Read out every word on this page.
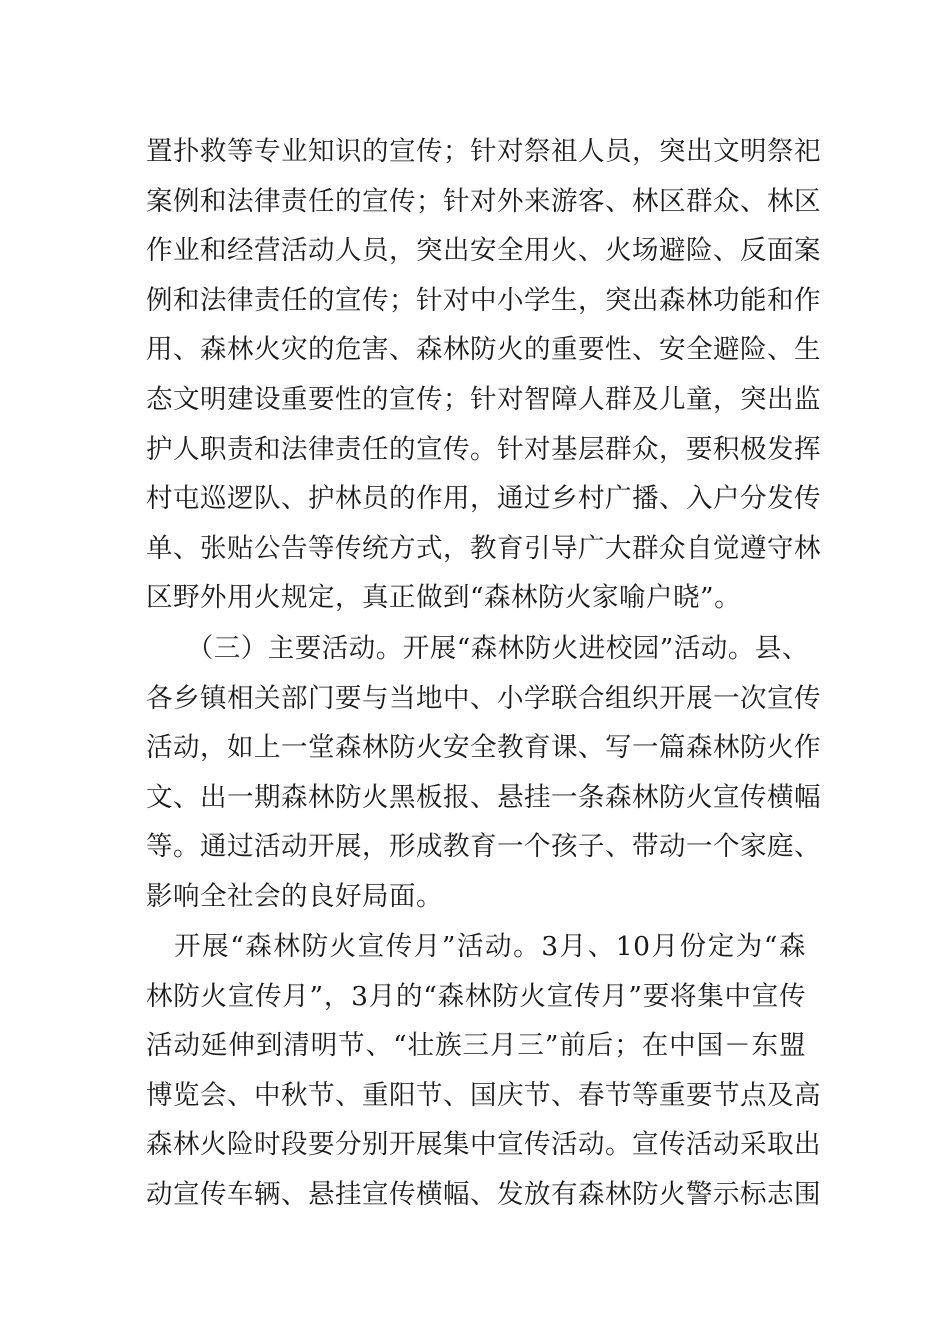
置扑救等专业知识的宣传；针对祭祖人员，突出文明祭祀
案例和法律责任的宣传；针对外来游客、林区群众、林区
作业和经营活动人员，突出安全用火、火场避险、反面案
例和法律责任的宣传；针对中小学生，突出森林功能和作
用、森林火灾的危害、森林防火的重要性、安全避险、生
态文明建设重要性的宣传；针对智障人群及儿童，突出监
护人职责和法律责任的宣传。针对基层群众，要积极发挥
村屯巡逻队、护林员的作用，通过乡村广播、入户分发传
单、张贴公告等传统方式，教育引导广大群众自觉遵守林
区野外用火规定，真正做到“森林防火家喻户晓”。
　　（三）主要活动。开展“森林防火进校园”活动。县、
各乡镇相关部门要与当地中、小学联合组织开展一次宣传
活动，如上一堂森林防火安全教育课、写一篇森林防火作
文、出一期森林防火黑板报、悬挂一条森林防火宣传横幅
等。通过活动开展，形成教育一个孩子、带动一个家庭、
影响全社会的良好局面。
　开展“森林防火宣传月”活动。3月、10月份定为“森
林防火宣传月”，3月的“森林防火宣传月”要将集中宣传
活动延伸到清明节、“壮族三月三”前后；在中国－东盟
博览会、中秋节、重阳节、国庆节、春节等重要节点及高
森林火险时段要分别开展集中宣传活动。宣传活动采取出
动宣传车辆、悬挂宣传横幅、发放有森林防火警示标志围
